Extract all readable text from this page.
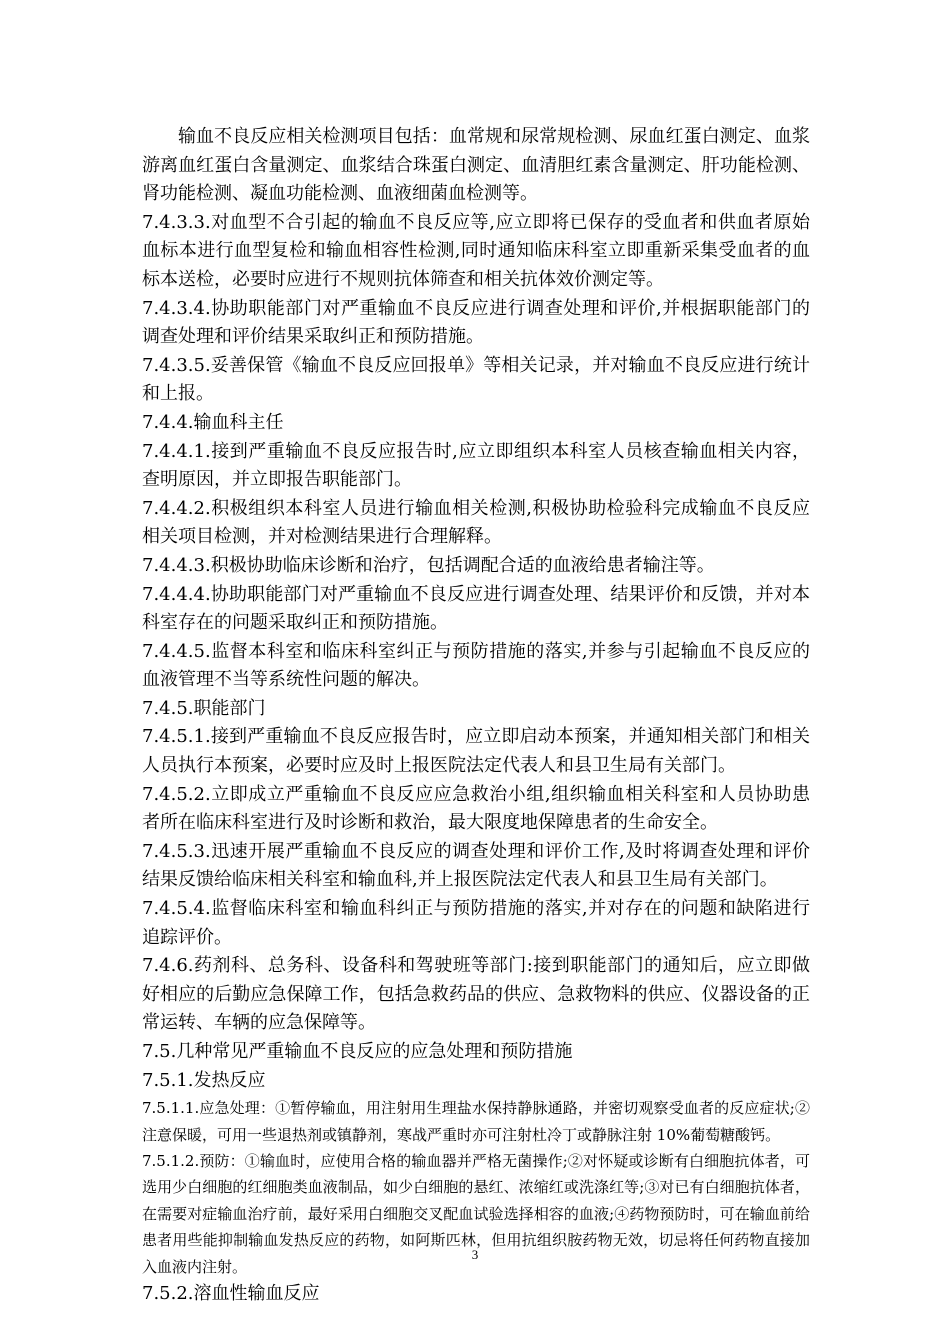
输血不良反应相关检测项目包括：血常规和尿常规检测、尿血红蛋白测定、血浆游离血红蛋白含量测定、血浆结合珠蛋白测定、血清胆红素含量测定、肝功能检测、肾功能检测、凝血功能检测、血液细菌血检测等。

7.4.3.3.对血型不合引起的输血不良反应等,应立即将已保存的受血者和供血者原始血标本进行血型复检和输血相容性检测,同时通知临床科室立即重新采集受血者的血标本送检，必要时应进行不规则抗体筛查和相关抗体效价测定等。

7.4.3.4.协助职能部门对严重输血不良反应进行调查处理和评价,并根据职能部门的调查处理和评价结果采取纠正和预防措施。

7.4.3.5.妥善保管《输血不良反应回报单》等相关记录，并对输血不良反应进行统计和上报。

7.4.4.输血科主任

7.4.4.1.接到严重输血不良反应报告时,应立即组织本科室人员核查输血相关内容，查明原因，并立即报告职能部门。

7.4.4.2.积极组织本科室人员进行输血相关检测,积极协助检验科完成输血不良反应相关项目检测，并对检测结果进行合理解释。

7.4.4.3.积极协助临床诊断和治疗，包括调配合适的血液给患者输注等。

7.4.4.4.协助职能部门对严重输血不良反应进行调查处理、结果评价和反馈，并对本科室存在的问题采取纠正和预防措施。

7.4.4.5.监督本科室和临床科室纠正与预防措施的落实,并参与引起输血不良反应的血液管理不当等系统性问题的解决。

7.4.5.职能部门

7.4.5.1.接到严重输血不良反应报告时，应立即启动本预案，并通知相关部门和相关人员执行本预案，必要时应及时上报医院法定代表人和县卫生局有关部门。

7.4.5.2.立即成立严重输血不良反应应急救治小组,组织输血相关科室和人员协助患者所在临床科室进行及时诊断和救治，最大限度地保障患者的生命安全。

7.4.5.3.迅速开展严重输血不良反应的调查处理和评价工作,及时将调查处理和评价结果反馈给临床相关科室和输血科,并上报医院法定代表人和县卫生局有关部门。

7.4.5.4.监督临床科室和输血科纠正与预防措施的落实,并对存在的问题和缺陷进行追踪评价。

7.4.6.药剂科、总务科、设备科和驾驶班等部门:接到职能部门的通知后，应立即做好相应的后勤应急保障工作，包括急救药品的供应、急救物料的供应、仪器设备的正常运转、车辆的应急保障等。

7.5.几种常见严重输血不良反应的应急处理和预防措施

7.5.1.发热反应

7.5.1.1.应急处理：①暂停输血，用注射用生理盐水保持静脉通路，并密切观察受血者的反应症状;②注意保暖，可用一些退热剂或镇静剂，寒战严重时亦可注射杜冷丁或静脉注射 10%葡萄糖酸钙。

7.5.1.2.预防：①输血时，应使用合格的输血器并严格无菌操作;②对怀疑或诊断有白细胞抗体者，可选用少白细胞的红细胞类血液制品，如少白细胞的悬红、浓缩红或洗涤红等;③对已有白细胞抗体者，在需要对症输血治疗前，最好采用白细胞交叉配血试验选择相容的血液;④药物预防时，可在输血前给患者用些能抑制输血发热反应的药物，如阿斯匹林，但用抗组织胺药物无效，切忌将任何药物直接加入血液内注射。

7.5.2.溶血性输血反应

3
